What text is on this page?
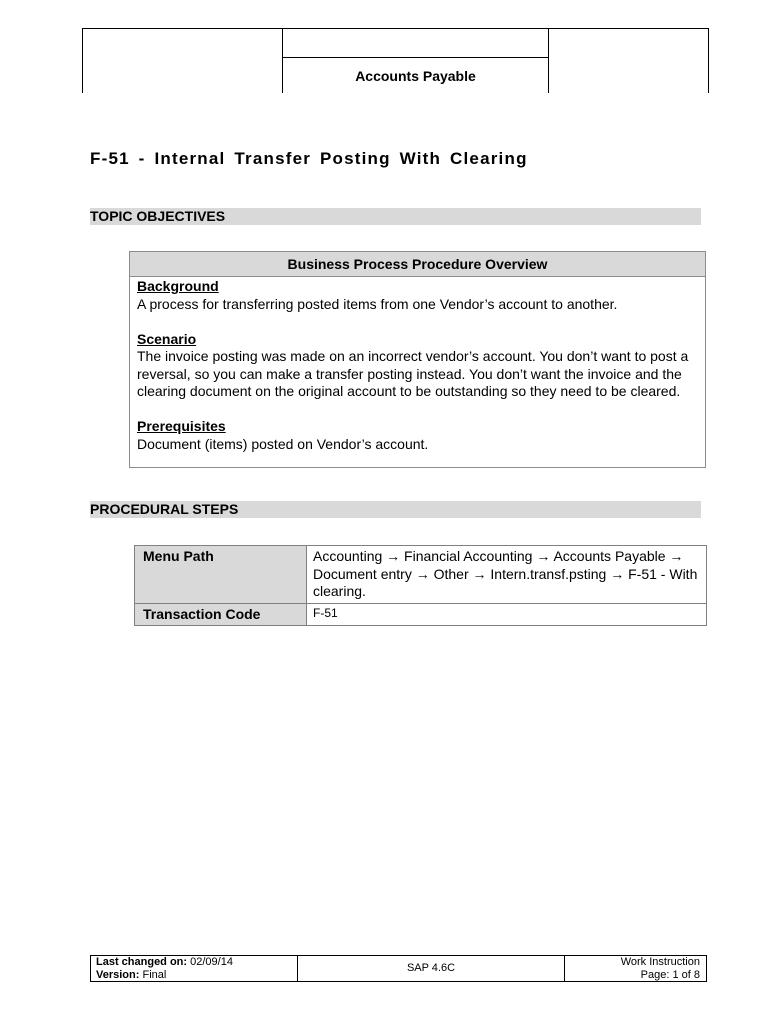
Accounts Payable
F-51 - Internal Transfer Posting With Clearing
TOPIC OBJECTIVES
Business Process Procedure Overview
Background
A process for transferring posted items from one Vendor’s account to another.
Scenario
The invoice posting was made on an incorrect vendor’s account. You don’t want to post a reversal, so you can make a transfer posting instead. You don’t want the invoice and the clearing document on the original account to be outstanding so they need to be cleared.
Prerequisites
Document (items) posted on Vendor’s account.
PROCEDURAL STEPS
Menu Path	Accounting → Financial Accounting → Accounts Payable → Document entry → Other → Intern.transf.psting → F-51 - With clearing.
Transaction Code	F-51
Last changed on: 02/09/14
Version: Final
SAP 4.6C
Work Instruction
Page: 1 of 8
